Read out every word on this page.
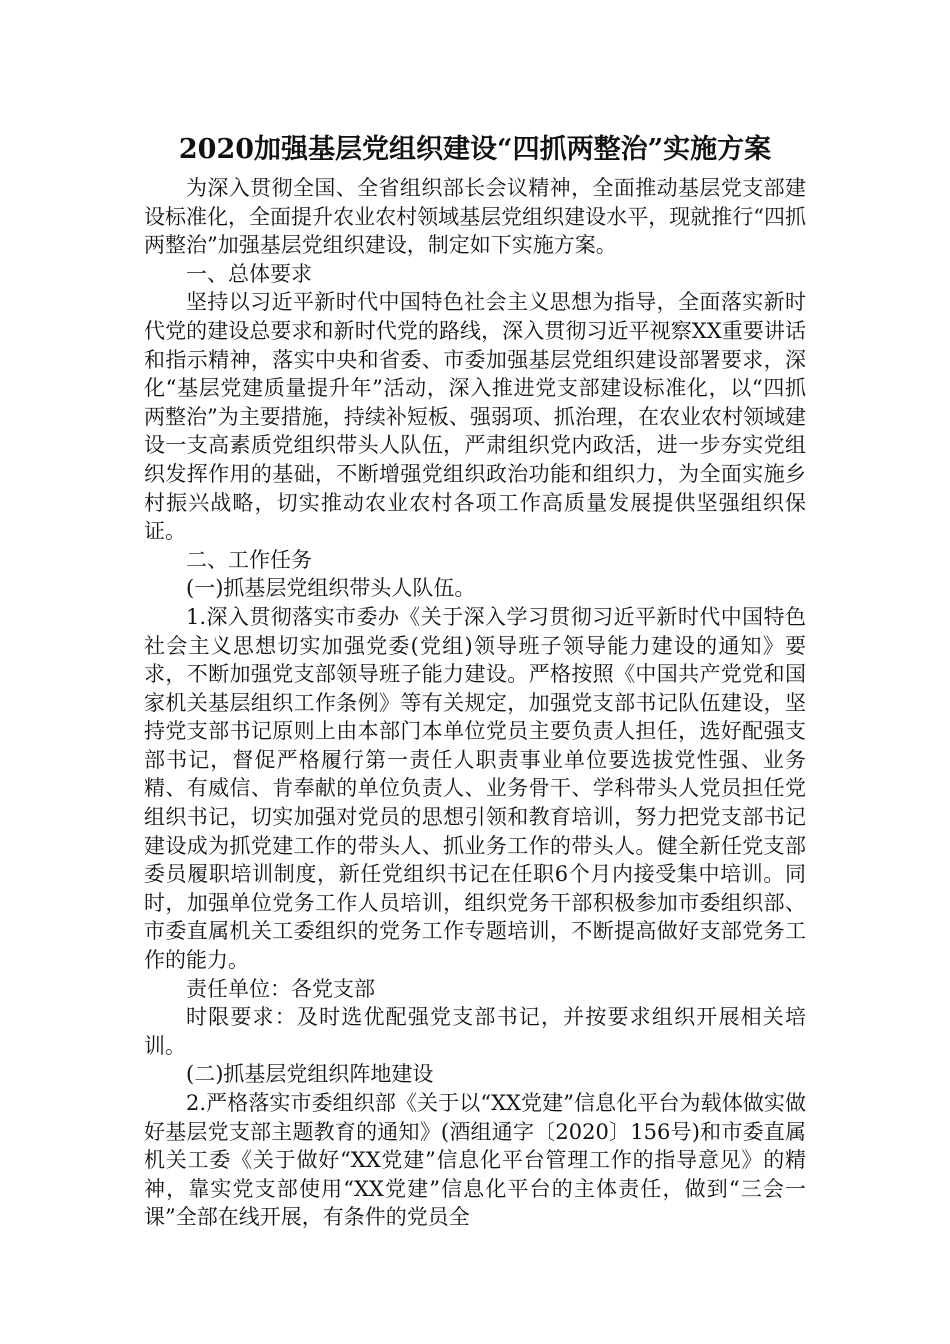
2020加强基层党组织建设“四抓两整治”实施方案

为深入贯彻全国、全省组织部长会议精神，全面推动基层党支部建设标准化，全面提升农业农村领域基层党组织建设水平，现就推行“四抓两整治”加强基层党组织建设，制定如下实施方案。

一、总体要求

坚持以习近平新时代中国特色社会主义思想为指导，全面落实新时代党的建设总要求和新时代党的路线，深入贯彻习近平视察XX重要讲话和指示精神，落实中央和省委、市委加强基层党组织建设部署要求，深化“基层党建质量提升年”活动，深入推进党支部建设标准化，以“四抓两整治”为主要措施，持续补短板、强弱项、抓治理，在农业农村领域建设一支高素质党组织带头人队伍，严肃组织党内政活，进一步夯实党组织发挥作用的基础，不断增强党组织政治功能和组织力，为全面实施乡村振兴战略，切实推动农业农村各项工作高质量发展提供坚强组织保证。

二、工作任务

(一)抓基层党组织带头人队伍。

1.深入贯彻落实市委办《关于深入学习贯彻习近平新时代中国特色社会主义思想切实加强党委(党组)领导班子领导能力建设的通知》要求，不断加强党支部领导班子能力建设。严格按照《中国共产党党和国家机关基层组织工作条例》等有关规定，加强党支部书记队伍建设，坚持党支部书记原则上由本部门本单位党员主要负责人担任，选好配强支部书记，督促严格履行第一责任人职责事业单位要选拔党性强、业务精、有威信、肯奉献的单位负责人、业务骨干、学科带头人党员担任党组织书记，切实加强对党员的思想引领和教育培训，努力把党支部书记建设成为抓党建工作的带头人、抓业务工作的带头人。健全新任党支部委员履职培训制度，新任党组织书记在任职6个月内接受集中培训。同时，加强单位党务工作人员培训，组织党务干部积极参加市委组织部、市委直属机关工委组织的党务工作专题培训，不断提高做好支部党务工作的能力。

责任单位：各党支部

时限要求：及时选优配强党支部书记，并按要求组织开展相关培训。

(二)抓基层党组织阵地建设

2.严格落实市委组织部《关于以“XX党建”信息化平台为载体做实做好基层党支部主题教育的通知》(酒组通字〔2020〕156号)和市委直属机关工委《关于做好“XX党建”信息化平台管理工作的指导意见》的精神，靠实党支部使用“XX党建”信息化平台的主体责任，做到“三会一课”全部在线开展，有条件的党员全
